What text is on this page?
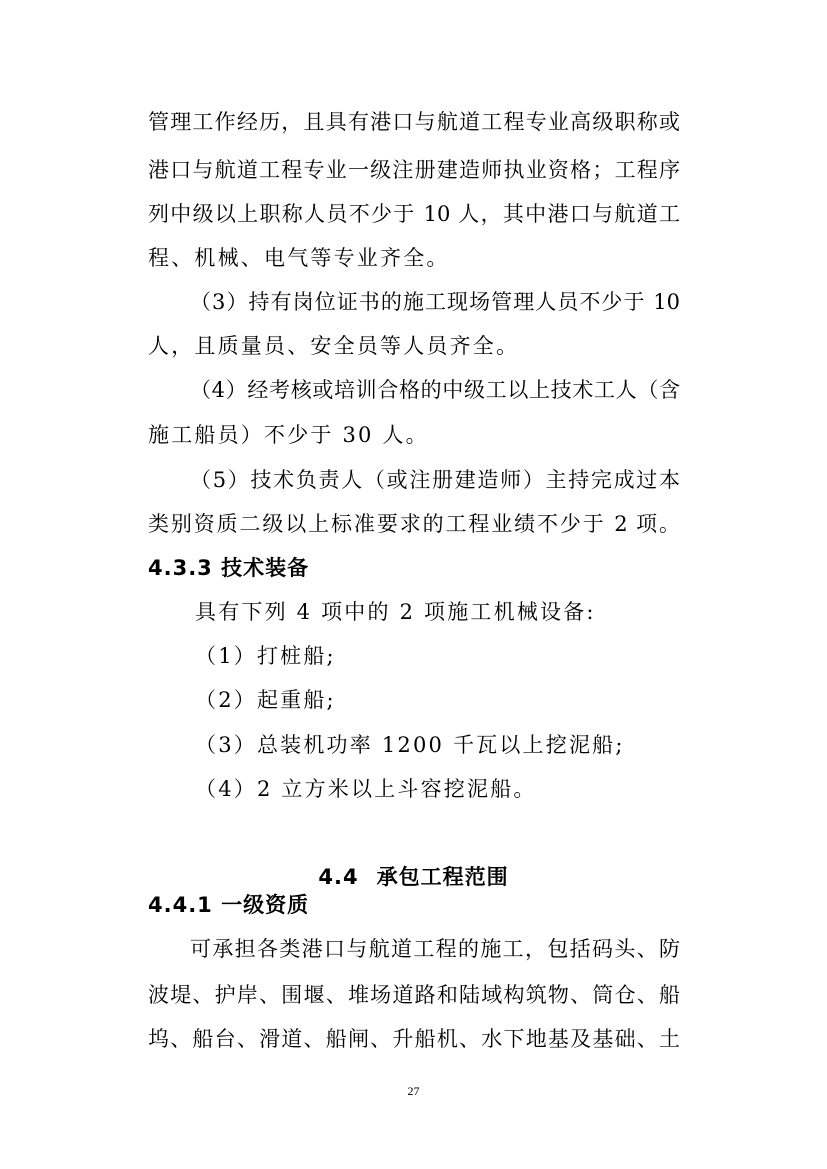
管理工作经历，且具有港口与航道工程专业高级职称或
港口与航道工程专业一级注册建造师执业资格；工程序
列中级以上职称人员不少于 10 人，其中港口与航道工
程、机械、电气等专业齐全。
（3）持有岗位证书的施工现场管理人员不少于 10
人，且质量员、安全员等人员齐全。
（4）经考核或培训合格的中级工以上技术工人（含
施工船员）不少于 30 人。
（5）技术负责人（或注册建造师）主持完成过本
类别资质二级以上标准要求的工程业绩不少于 2 项。
4.3.3 技术装备
具有下列 4 项中的 2 项施工机械设备:
（1）打桩船;
（2）起重船;
（3）总装机功率 1200 千瓦以上挖泥船;
（4）2 立方米以上斗容挖泥船。
4.4 承包工程范围
4.4.1 一级资质
可承担各类港口与航道工程的施工，包括码头、防
波堤、护岸、围堰、堆场道路和陆域构筑物、筒仓、船
坞、船台、滑道、船闸、升船机、水下地基及基础、土
27
